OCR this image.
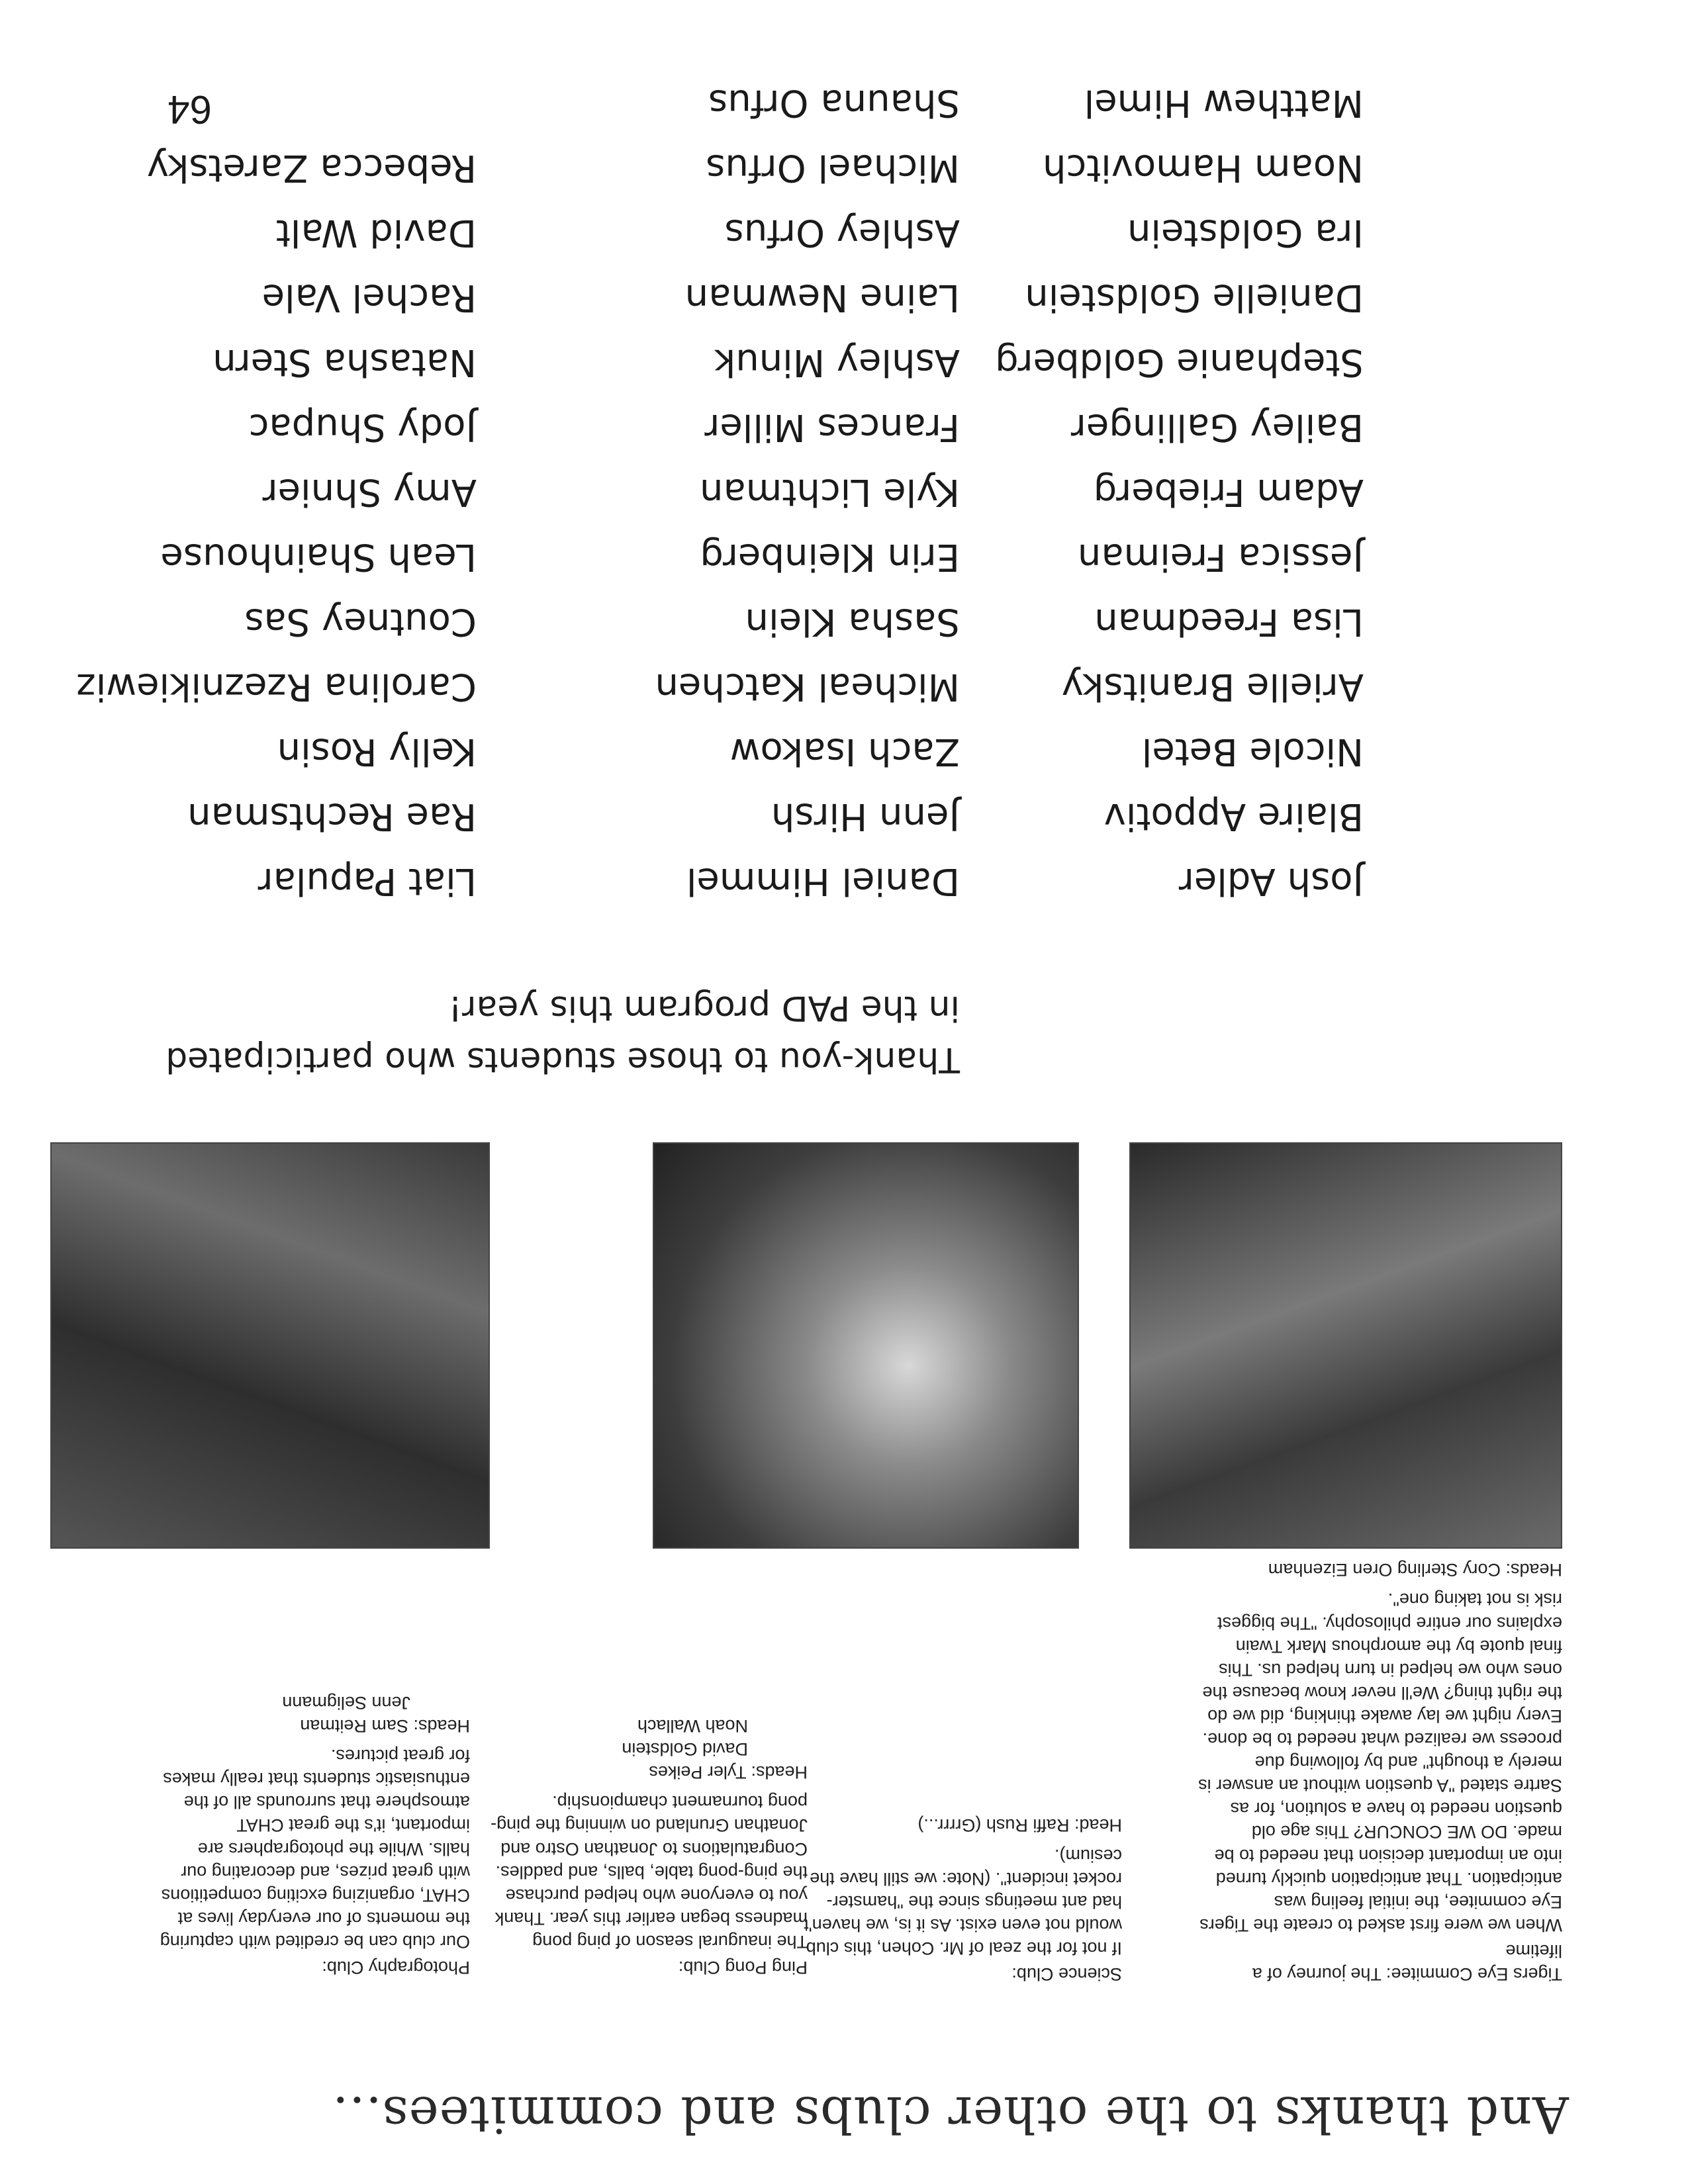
And thanks to the other clubs and commitees...

Tigers Eye Commitee: The journey of a lifetime

When we were first asked to create the Tigers Eye commitee, the initial feeling was anticipation. That anticipation quickly turned into an important decision that needed to be made. DO WE CONCUR? This age old question needed to have a solution, for as Sartre stated "A question without an answer is merely a thought" and by following due process we realized what needed to be done. Every night we lay awake thinking, did we do the right thing? We'll never know because the ones who we helped in turn helped us. This final quote by the amorphous Mark Twain explains our entire philosophy. "The biggest risk is not taking one".

Heads: Cory Sterling Oren Eizenham

Science Club:

If not for the zeal of Mr. Cohen, this club would not even exist. As it is, we haven't had ant meetings since the "hamster-rocket incident". (Note: we still have the cesium).

Head: Raffi Rush (Grrrr...)

Ping Pong Club:

The inaugural season of ping pong madness began earlier this year. Thank you to everyone who helped purchase the ping-pong table, balls, and paddles. Congratulations to Jonathan Ostro and Jonathan Grunland on winning the ping-pong tournament championship.

Heads: Tyler Peikes

David Goldstein

Noah Wallach

Photography Club:

Our club can be credited with capturing the moments of our everyday lives at CHAT, organizing exciting competitions with great prizes, and decorating our halls. While the photographers are important, it's the great CHAT atmosphere that surrounds all of the enthusiastic students that really makes for great pictures.

Heads: Sam Reitman

Jenn Seligmann

Thank-you to those students who participated in the PAD program this year!
Josh Adler
Blaire Appotiv
Nicole Betel
Arielle Branitsky
Lisa Freedman
Jessica Freiman
Adam Frieberg
Bailey Gallinger
Stephanie Goldberg
Danielle Goldstein
Ira Goldstein
Noam Hamovitch
Matthew Himel
Daniel Himmel
Jenn Hirsh
Zach Isakow
Micheal Katchen
Sasha Klein
Erin Kleinberg
Kyle Lichtman
Frances Miller
Ashley Minuk
Laine Newman
Ashley Orfus
Michael Orfus
Shauna Orfus
Liat Papular
Rae Rechtsman
Kelly Rosin
Carolina Rzeznikiewiz
Coutney Sas
Leah Shainhouse
Amy Shnier
Jody Shupac
Natasha Stern
Rachel Vale
David Walt
Rebecca Zaretsky
64
